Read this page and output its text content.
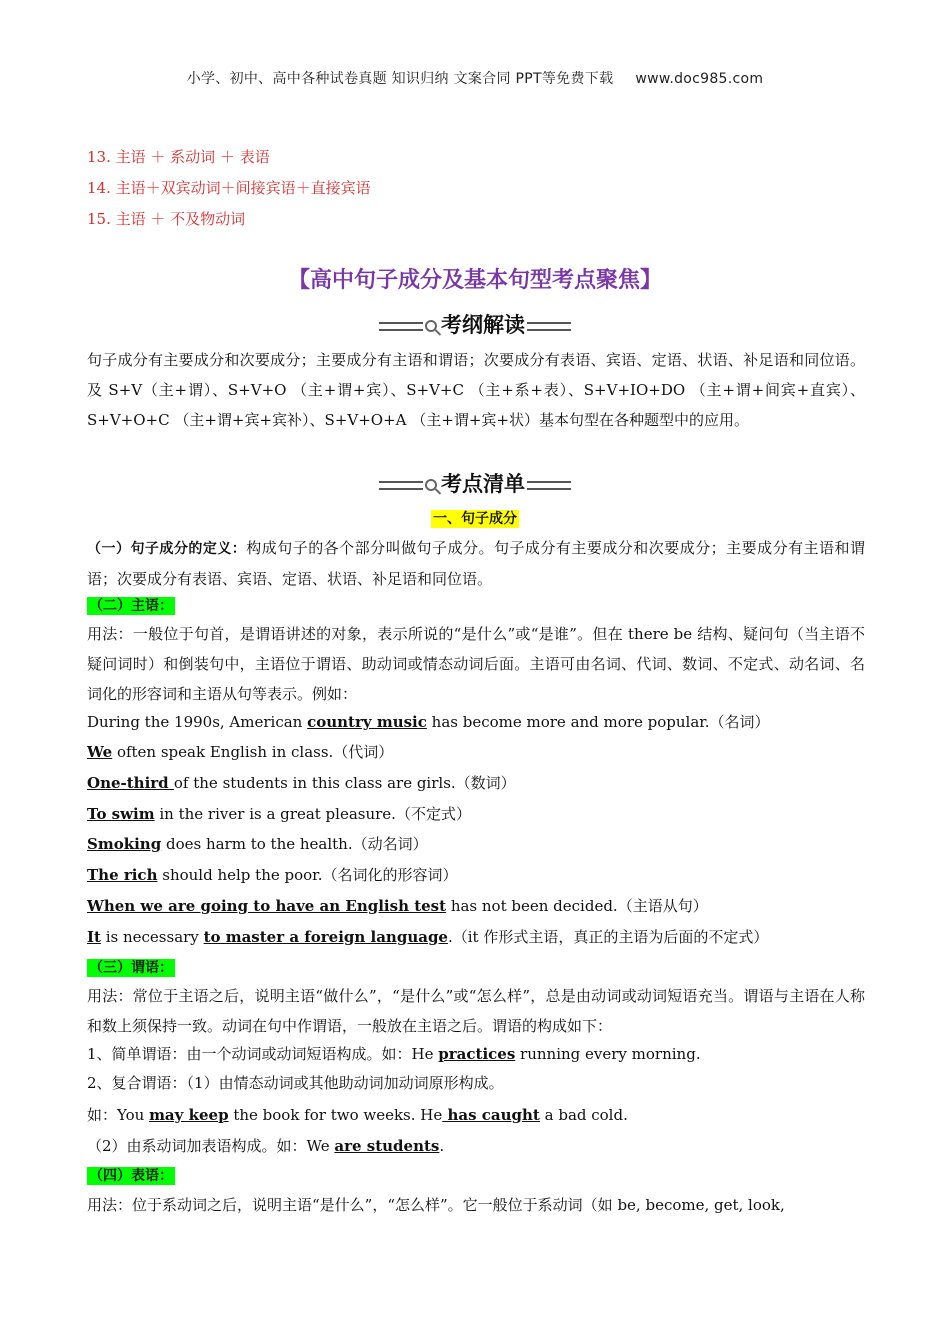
小学、初中、高中各种试卷真题 知识归纳 文案合同 PPT等免费下载 www.doc985.com
13. 主语 ＋ 系动词 ＋ 表语
14. 主语＋双宾动词＋间接宾语＋直接宾语
15. 主语 ＋ 不及物动词
【高中句子成分及基本句型考点聚焦】
考纲解读
句子成分有主要成分和次要成分；主要成分有主语和谓语；次要成分有表语、宾语、定语、状语、补足语和同位语。及 S+V（主+谓）、S+V+O （主+谓+宾）、S+V+C （主+系+表）、S+V+IO+DO （主+谓+间宾+直宾）、S+V+O+C （主+谓+宾+宾补）、S+V+O+A （主+谓+宾+状）基本句型在各种题型中的应用。
考点清单
一、句子成分
（一）句子成分的定义：构成句子的各个部分叫做句子成分。句子成分有主要成分和次要成分；主要成分有主语和谓语；次要成分有表语、宾语、定语、状语、补足语和同位语。
（二）主语：
用法：一般位于句首，是谓语讲述的对象，表示所说的“是什么”或“是谁”。但在 there be 结构、疑问句（当主语不疑问词时）和倒装句中，主语位于谓语、助动词或情态动词后面。主语可由名词、代词、数词、不定式、动名词、名词化的形容词和主语从句等表示。例如：
During the 1990s, American country music has become more and more popular.（名词）
We often speak English in class.（代词）
One-third of the students in this class are girls.（数词）
To swim in the river is a great pleasure.（不定式）
Smoking does harm to the health.（动名词）
The rich should help the poor.（名词化的形容词）
When we are going to have an English test has not been decided.（主语从句）
It is necessary to master a foreign language.（it 作形式主语，真正的主语为后面的不定式）
（三）谓语：
用法：常位于主语之后，说明主语“做什么”，“是什么”或“怎么样”，总是由动词或动词短语充当。谓语与主语在人称和数上须保持一致。动词在句中作谓语，一般放在主语之后。谓语的构成如下：
1、简单谓语：由一个动词或动词短语构成。如：He practices running every morning.
2、复合谓语：（1）由情态动词或其他助动词加动词原形构成。
如：You may keep the book for two weeks. He has caught a bad cold.
（2）由系动词加表语构成。如：We are students.
（四）表语：
用法：位于系动词之后，说明主语“是什么”，“怎么样”。它一般位于系动词（如 be, become, get, look,
